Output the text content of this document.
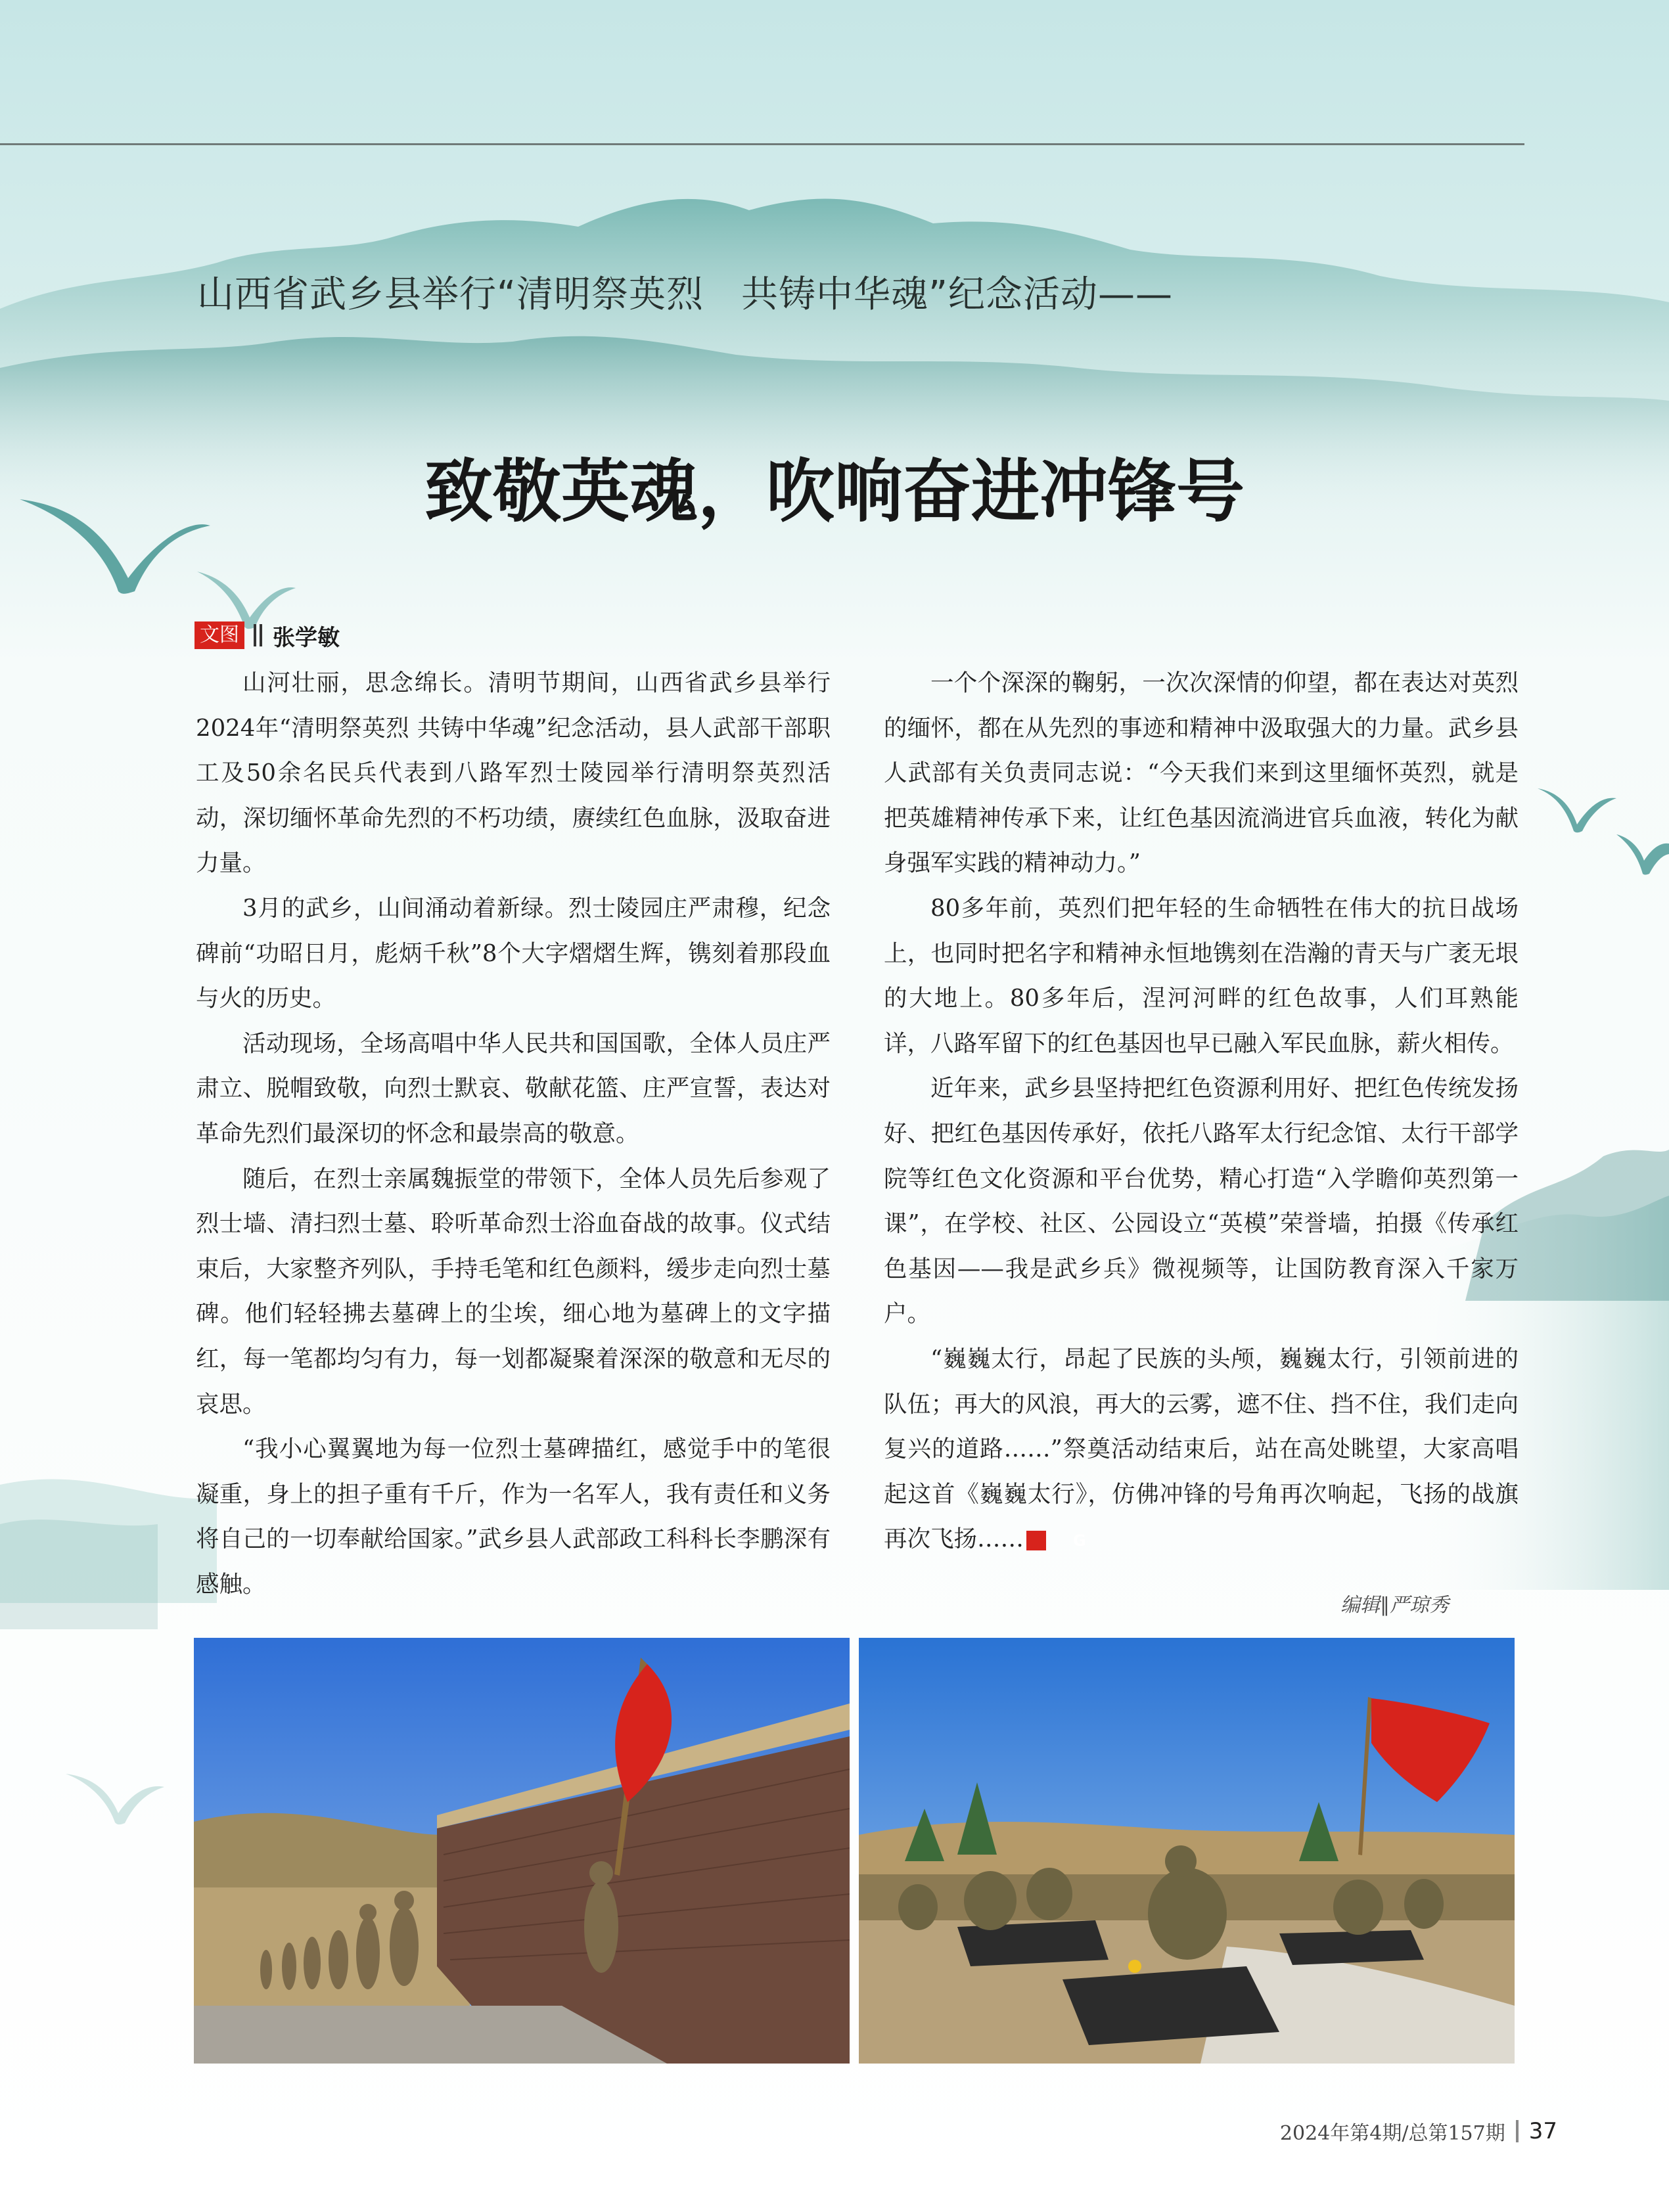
山西省武乡县举行“清明祭英烈　共铸中华魂”纪念活动——
致敬英魂，吹响奋进冲锋号
文图 张学敏

山河壮丽，思念绵长。清明节期间，山西省武乡县举行2024年“清明祭英烈 共铸中华魂”纪念活动，县人武部干部职工及50余名民兵代表到八路军烈士陵园举行清明祭英烈活动，深切缅怀革命先烈的不朽功绩，赓续红色血脉，汲取奋进力量。

3月的武乡，山间涌动着新绿。烈士陵园庄严肃穆，纪念碑前“功昭日月，彪炳千秋”8个大字熠熠生辉，镌刻着那段血与火的历史。

活动现场，全场高唱中华人民共和国国歌，全体人员庄严肃立、脱帽致敬，向烈士默哀、敬献花篮、庄严宣誓，表达对革命先烈们最深切的怀念和最崇高的敬意。

随后，在烈士亲属魏振堂的带领下，全体人员先后参观了烈士墙、清扫烈士墓、聆听革命烈士浴血奋战的故事。仪式结束后，大家整齐列队，手持毛笔和红色颜料，缓步走向烈士墓碑。他们轻轻拂去墓碑上的尘埃，细心地为墓碑上的文字描红，每一笔都均匀有力，每一划都凝聚着深深的敬意和无尽的哀思。

“我小心翼翼地为每一位烈士墓碑描红，感觉手中的笔很凝重，身上的担子重有千斤，作为一名军人，我有责任和义务将自己的一切奉献给国家。”武乡县人武部政工科科长李鹏深有感触。

一个个深深的鞠躬，一次次深情的仰望，都在表达对英烈的缅怀，都在从先烈的事迹和精神中汲取强大的力量。武乡县人武部有关负责同志说：“今天我们来到这里缅怀英烈，就是把英雄精神传承下来，让红色基因流淌进官兵血液，转化为献身强军实践的精神动力。”

80多年前，英烈们把年轻的生命牺牲在伟大的抗日战场上，也同时把名字和精神永恒地镌刻在浩瀚的青天与广袤无垠的大地上。80多年后，涅河河畔的红色故事，人们耳熟能详，八路军留下的红色基因也早已融入军民血脉，薪火相传。

近年来，武乡县坚持把红色资源利用好、把红色传统发扬好、把红色基因传承好，依托八路军太行纪念馆、太行干部学院等红色文化资源和平台优势，精心打造“入学瞻仰英烈第一课”，在学校、社区、公园设立“英模”荣誉墙，拍摄《传承红色基因——我是武乡兵》微视频等，让国防教育深入千家万户。

“巍巍太行，昂起了民族的头颅，巍巍太行，引领前进的队伍；再大的风浪，再大的云雾，遮不住、挡不住，我们走向复兴的道路……”祭奠活动结束后，站在高处眺望，大家高唱起这首《巍巍太行》，仿佛冲锋的号角再次响起，飞扬的战旗再次飞扬……	G

编辑∥严琼秀
2024年第4期/总第157期 37
